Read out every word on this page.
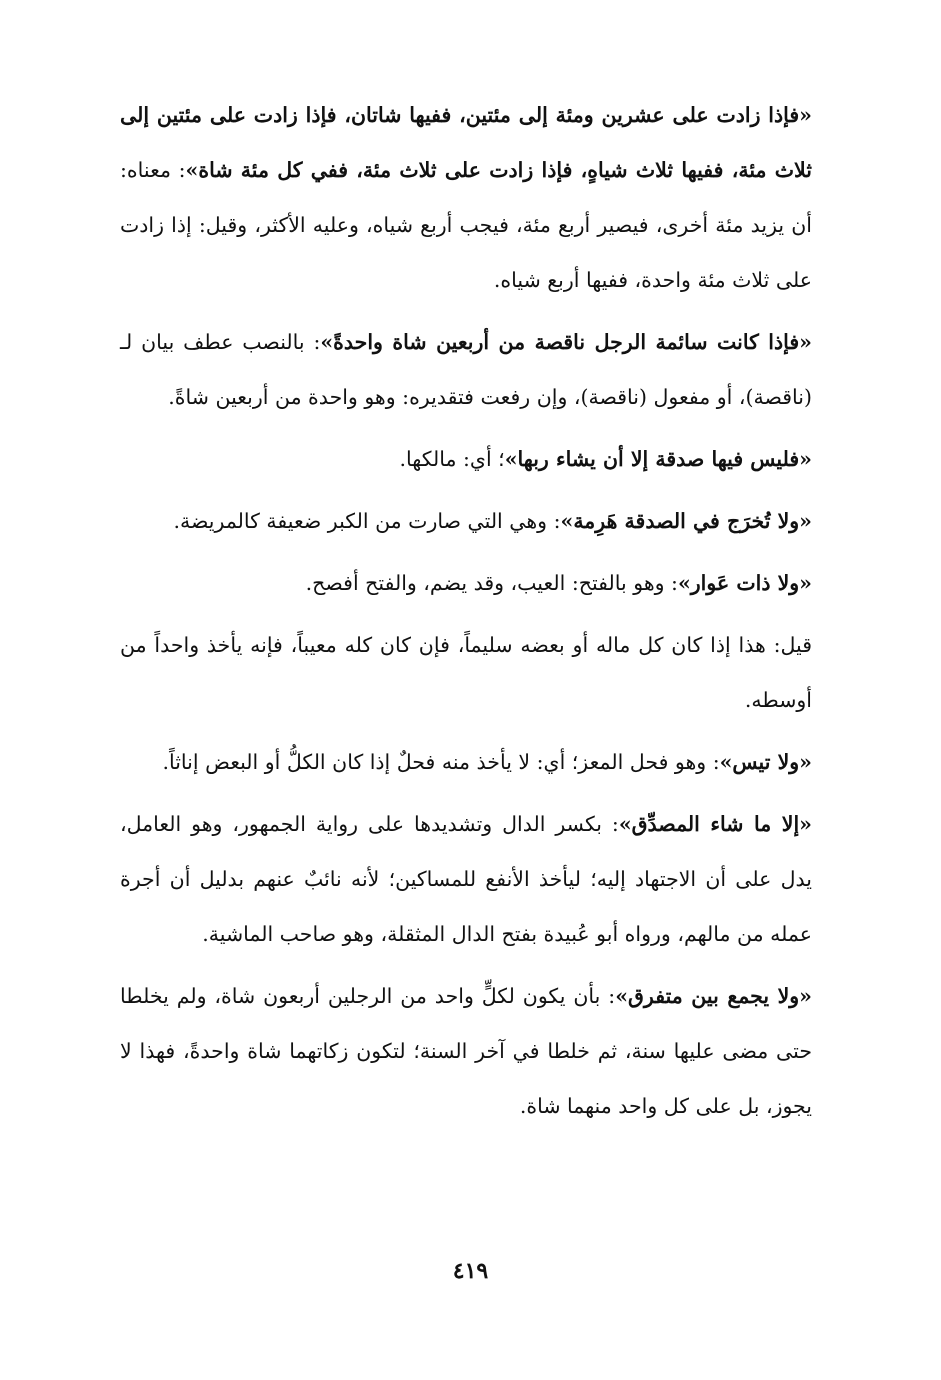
«فإذا زادت على عشرين ومئة إلى مئتين، ففيها شاتان، فإذا زادت على مئتين إلى ثلاث مئة، ففيها ثلاث شياهٍ، فإذا زادت على ثلاث مئة، ففي كل مئة شاة»: معناه: أن يزيد مئة أخرى، فيصير أربع مئة، فيجب أربع شياه، وعليه الأكثر، وقيل: إذا زادت على ثلاث مئة واحدة، ففيها أربع شياه.

«فإذا كانت سائمة الرجل ناقصة من أربعين شاة واحدةً»: بالنصب عطف بيان لـ (ناقصة)، أو مفعول (ناقصة)، وإن رفعت فتقديره: وهو واحدة من أربعين شاةً.

«فليس فيها صدقة إلا أن يشاء ربها»؛ أي: مالكها.

«ولا تُخرَج في الصدقة هَرِمة»: وهي التي صارت من الكبر ضعيفة كالمريضة.

«ولا ذات عَوار»: وهو بالفتح: العيب، وقد يضم، والفتح أفصح.

قيل: هذا إذا كان كل ماله أو بعضه سليماً، فإن كان كله معيباً، فإنه يأخذ واحداً من أوسطه.

«ولا تيس»: وهو فحل المعز؛ أي: لا يأخذ منه فحلٌ إذا كان الكلُّ أو البعض إناثاً.

«إلا ما شاء المصدِّق»: بكسر الدال وتشديدها على رواية الجمهور، وهو العامل، يدل على أن الاجتهاد إليه؛ ليأخذ الأنفع للمساكين؛ لأنه نائبٌ عنهم بدليل أن أجرة عمله من مالهم، ورواه أبو عُبيدة بفتح الدال المثقلة، وهو صاحب الماشية.

«ولا يجمع بين متفرق»: بأن يكون لكلٍّ واحد من الرجلين أربعون شاة، ولم يخلطا حتى مضى عليها سنة، ثم خلطا في آخر السنة؛ لتكون زكاتهما شاة واحدةً، فهذا لا يجوز، بل على كل واحد منهما شاة.

٤١٩
